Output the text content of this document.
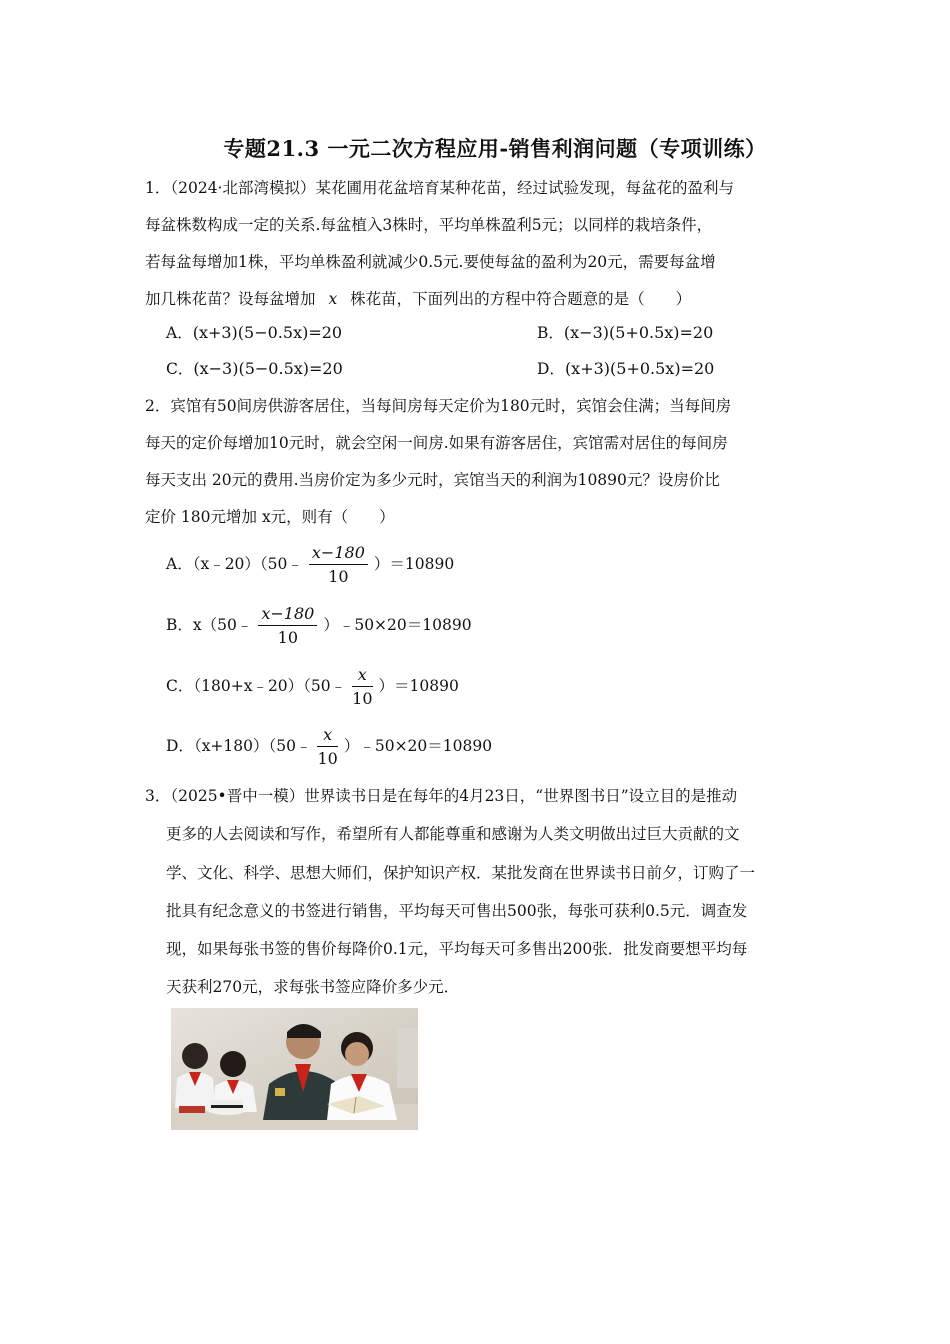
专题21.3 一元二次方程应用-销售利润问题（专项训练）
1．（2024·北部湾模拟）某花圃用花盆培育某种花苗，经过试验发现，每盆花的盈利与
每盆株数构成一定的关系.每盆植入3株时，平均单株盈利5元；以同样的栽培条件，
若每盆每增加1株，平均单株盈利就减少0.5元.要使每盆的盈利为20元，需要每盆增
加几株花苗？设每盆增加 x 株花苗，下面列出的方程中符合题意的是（　　）
A．(x+3)(5−0.5x)=20	B．(x−3)(5+0.5x)=20
C．(x−3)(5−0.5x)=20	D．(x+3)(5+0.5x)=20
2．宾馆有50间房供游客居住，当每间房每天定价为180元时，宾馆会住满；当每间房
每天的定价每增加10元时，就会空闲一间房.如果有游客居住，宾馆需对居住的每间房
每天支出 20元的费用.当房价定为多少元时，宾馆当天的利润为10890元？设房价比
定价 180元增加 x元，则有（　　）
A．（x﹣20）（50﹣ $\frac{x-180}{10} )=10890$
B．x（50﹣ $\frac{x-180}{10}$ ）﹣50×20＝10890
C．（180+x﹣20）（50﹣ $\frac{x}{10} )=10890$
D．（x+180）（50﹣ $\frac{x}{10}$ ）﹣50×20＝10890
3．（2025•晋中一模）世界读书日是在每年的4月23日，“世界图书日”设立目的是推动
更多的人去阅读和写作，希望所有人都能尊重和感谢为人类文明做出过巨大贡献的文
学、文化、科学、思想大师们，保护知识产权．某批发商在世界读书日前夕，订购了一
批具有纪念意义的书签进行销售，平均每天可售出500张，每张可获利0.5元．调查发
现，如果每张书签的售价每降价0.1元，平均每天可多售出200张．批发商要想平均每
天获利270元，求每张书签应降价多少元．
